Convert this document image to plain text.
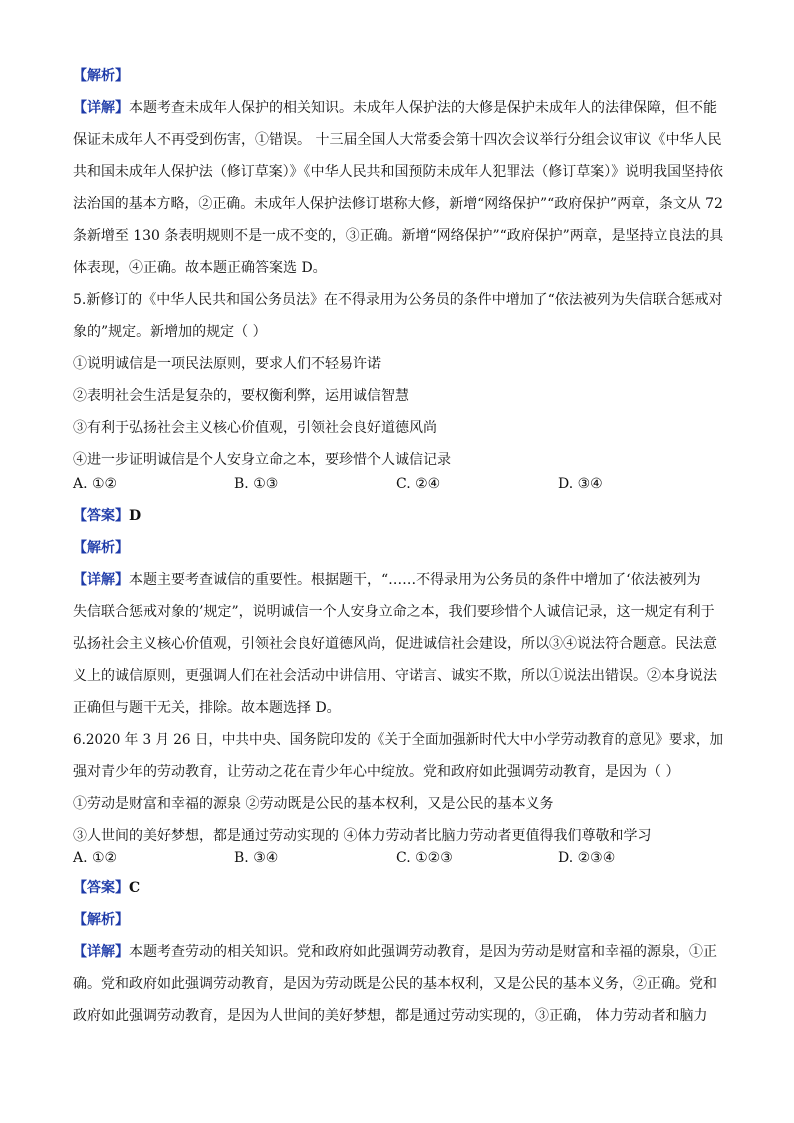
【解析】
【详解】本题考查未成年人保护的相关知识。未成年人保护法的大修是保护未成年人的法律保障，但不能
保证未成年人不再受到伤害，①错误。 十三届全国人大常委会第十四次会议举行分组会议审议《中华人民
共和国未成年人保护法（修订草案）》《中华人民共和国预防未成年人犯罪法（修订草案）》说明我国坚持依
法治国的基本方略，②正确。未成年人保护法修订堪称大修，新增“网络保护”“政府保护”两章，条文从 72
条新增至 130 条表明规则不是一成不变的，③正确。新增“网络保护”“政府保护”两章，是坚持立良法的具
体表现，④正确。故本题正确答案选 D。
5.新修订的《中华人民共和国公务员法》在不得录用为公务员的条件中增加了“依法被列为失信联合惩戒对
象的”规定。新增加的规定（ ）
①说明诚信是一项民法原则，要求人们不轻易许诺
②表明社会生活是复杂的，要权衡利弊，运用诚信智慧
③有利于弘扬社会主义核心价值观，引领社会良好道德风尚
④进一步证明诚信是个人安身立命之本，要珍惜个人诚信记录
A. ①②	B. ①③	C. ②④	D. ③④
【答案】D
【解析】
【详解】本题主要考查诚信的重要性。根据题干，“……不得录用为公务员的条件中增加了‘依法被列为
失信联合惩戒对象的’规定”，说明诚信一个人安身立命之本，我们要珍惜个人诚信记录，这一规定有利于
弘扬社会主义核心价值观，引领社会良好道德风尚，促进诚信社会建设，所以③④说法符合题意。民法意
义上的诚信原则，更强调人们在社会活动中讲信用、守诺言、诚实不欺，所以①说法出错误。②本身说法
正确但与题干无关，排除。故本题选择 D。
6.2020 年 3 月 26 日，中共中央、国务院印发的《关于全面加强新时代大中小学劳动教育的意见》要求，加
强对青少年的劳动教育，让劳动之花在青少年心中绽放。党和政府如此强调劳动教育，是因为（ ）
①劳动是财富和幸福的源泉 ②劳动既是公民的基本权利，又是公民的基本义务
③人世间的美好梦想，都是通过劳动实现的 ④体力劳动者比脑力劳动者更值得我们尊敬和学习
A. ①②	B. ③④	C. ①②③	D. ②③④
【答案】C
【解析】
【详解】本题考查劳动的相关知识。党和政府如此强调劳动教育，是因为劳动是财富和幸福的源泉，①正
确。党和政府如此强调劳动教育，是因为劳动既是公民的基本权利，又是公民的基本义务，②正确。党和
政府如此强调劳动教育，是因为人世间的美好梦想，都是通过劳动实现的，③正确， 体力劳动者和脑力
